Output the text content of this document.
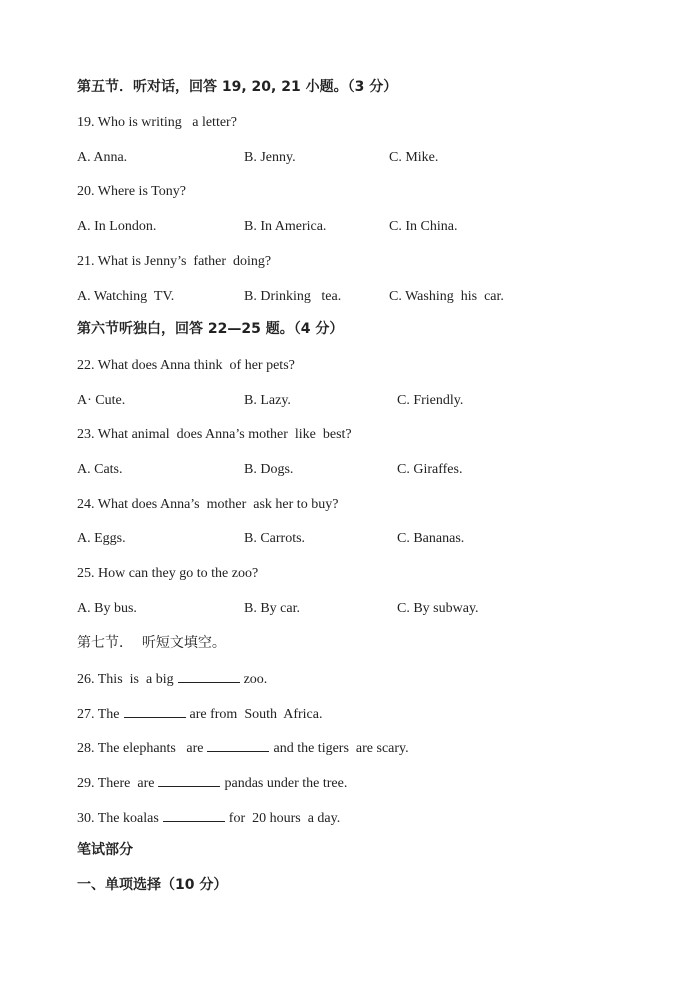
第五节．听对话，回答 19, 20, 21 小题。（3 分）
19. Who is writing   a letter?
A. Anna.	B. Jenny.	C. Mike.
20. Where is Tony?
A. In London.	B. In America.	C. In China.
21. What is Jenny’s  father  doing?
A. Watching  TV.	B. Drinking   tea.	C. Washing  his  car.
第六节听独白，回答 22—25 题。（4 分）
22. What does Anna think  of her pets?
A· Cute.	B. Lazy.	C. Friendly.
23. What animal  does Anna’s mother  like  best?
A. Cats.	B. Dogs.	C. Giraffes.
24. What does Anna’s  mother  ask her to buy?
A. Eggs.	B. Carrots.	C. Bananas.
25. How can they go to the zoo?
A. By bus.	B. By car.	C. By subway.
第七节．  听短文填空。
26. This  is  a big	zoo.
27. The	are from  South  Africa.
28. The elephants   are	and the tigers  are scary.
29. There  are	pandas under the tree.
30. The koalas	for  20 hours  a day.
笔试部分
一、单项选择（10 分）
